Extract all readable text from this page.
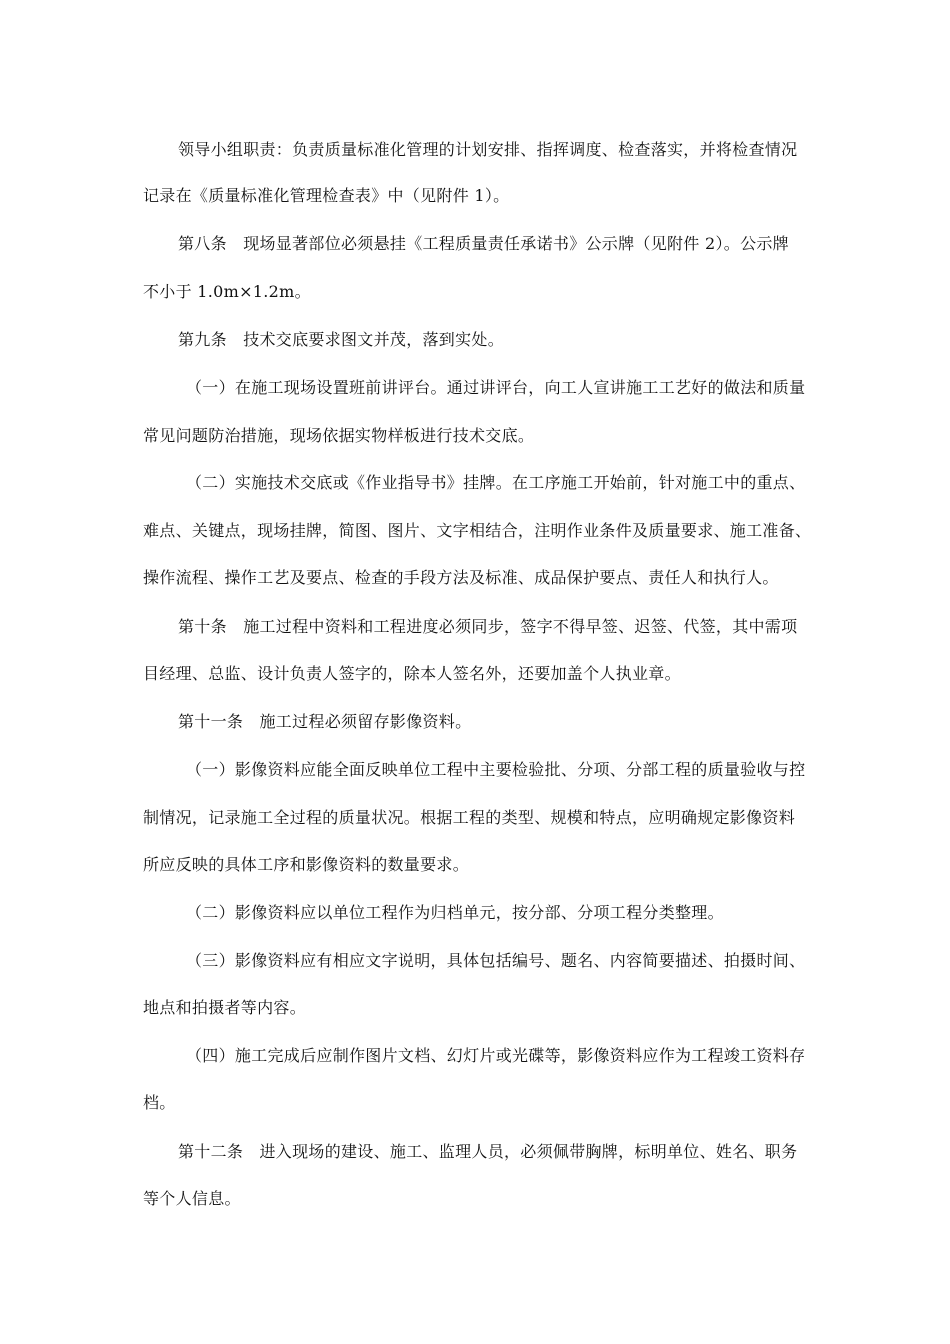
领导小组职责：负责质量标准化管理的计划安排、指挥调度、检查落实，并将检查情况

记录在《质量标准化管理检查表》中（见附件 1）。

第八条　现场显著部位必须悬挂《工程质量责任承诺书》公示牌（见附件 2）。公示牌

不小于 1.0m×1.2m。

第九条　技术交底要求图文并茂，落到实处。

（一）在施工现场设置班前讲评台。通过讲评台，向工人宣讲施工工艺好的做法和质量

常见问题防治措施，现场依据实物样板进行技术交底。

（二）实施技术交底或《作业指导书》挂牌。在工序施工开始前，针对施工中的重点、

难点、关键点，现场挂牌，简图、图片、文字相结合，注明作业条件及质量要求、施工准备、

操作流程、操作工艺及要点、检查的手段方法及标准、成品保护要点、责任人和执行人。

第十条　施工过程中资料和工程进度必须同步，签字不得早签、迟签、代签，其中需项

目经理、总监、设计负责人签字的，除本人签名外，还要加盖个人执业章。

第十一条　施工过程必须留存影像资料。

（一）影像资料应能全面反映单位工程中主要检验批、分项、分部工程的质量验收与控

制情况，记录施工全过程的质量状况。根据工程的类型、规模和特点，应明确规定影像资料

所应反映的具体工序和影像资料的数量要求。

（二）影像资料应以单位工程作为归档单元，按分部、分项工程分类整理。

（三）影像资料应有相应文字说明，具体包括编号、题名、内容简要描述、拍摄时间、

地点和拍摄者等内容。

（四）施工完成后应制作图片文档、幻灯片或光碟等，影像资料应作为工程竣工资料存

档。

第十二条　进入现场的建设、施工、监理人员，必须佩带胸牌，标明单位、姓名、职务

等个人信息。
